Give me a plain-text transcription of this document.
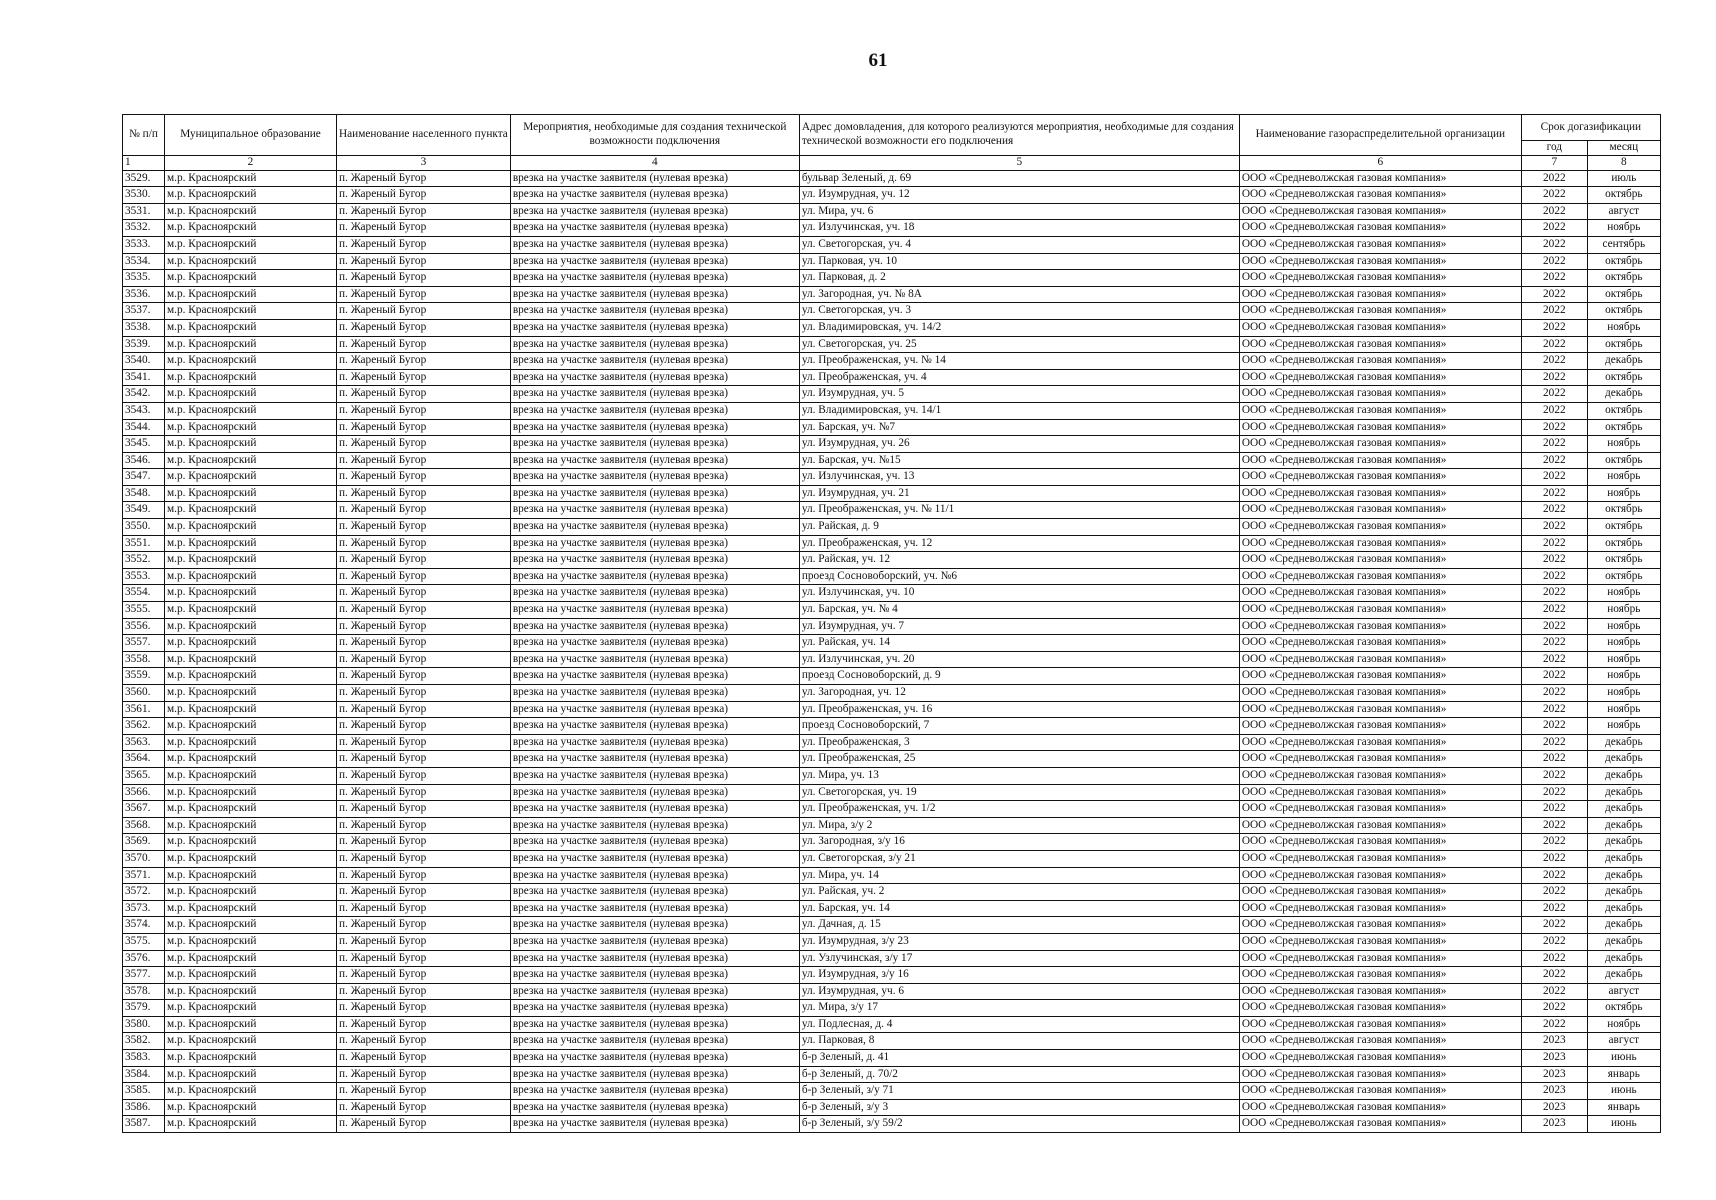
61
№ п/п	Муниципальное образование	Наименование населенного пункта	Мероприятия, необходимые для создания технической возможности подключения	Адрес домовладения, для которого реализуются мероприятия, необходимые для создания технической возможности его подключения	Наименование газораспределительной организации	Срок догазификации	
						год	месяц
1	2	3	4	5	6	7	8
3529.	м.р. Красноярский	п. Жареный Бугор	врезка на участке заявителя (нулевая врезка)	бульвар Зеленый, д. 69	ООО «Средневолжская газовая компания»	2022	июль
3530.	м.р. Красноярский	п. Жареный Бугор	врезка на участке заявителя (нулевая врезка)	ул. Изумрудная, уч. 12	ООО «Средневолжская газовая компания»	2022	октябрь
3531.	м.р. Красноярский	п. Жареный Бугор	врезка на участке заявителя (нулевая врезка)	ул. Мира, уч. 6	ООО «Средневолжская газовая компания»	2022	август
3532.	м.р. Красноярский	п. Жареный Бугор	врезка на участке заявителя (нулевая врезка)	ул. Излучинская, уч. 18	ООО «Средневолжская газовая компания»	2022	ноябрь
3533.	м.р. Красноярский	п. Жареный Бугор	врезка на участке заявителя (нулевая врезка)	ул. Светогорская, уч. 4	ООО «Средневолжская газовая компания»	2022	сентябрь
3534.	м.р. Красноярский	п. Жареный Бугор	врезка на участке заявителя (нулевая врезка)	ул. Парковая, уч. 10	ООО «Средневолжская газовая компания»	2022	октябрь
3535.	м.р. Красноярский	п. Жареный Бугор	врезка на участке заявителя (нулевая врезка)	ул. Парковая, д. 2	ООО «Средневолжская газовая компания»	2022	октябрь
3536.	м.р. Красноярский	п. Жареный Бугор	врезка на участке заявителя (нулевая врезка)	ул. Загородная, уч. № 8А	ООО «Средневолжская газовая компания»	2022	октябрь
3537.	м.р. Красноярский	п. Жареный Бугор	врезка на участке заявителя (нулевая врезка)	ул. Светогорская, уч. 3	ООО «Средневолжская газовая компания»	2022	октябрь
3538.	м.р. Красноярский	п. Жареный Бугор	врезка на участке заявителя (нулевая врезка)	ул. Владимировская, уч. 14/2	ООО «Средневолжская газовая компания»	2022	ноябрь
3539.	м.р. Красноярский	п. Жареный Бугор	врезка на участке заявителя (нулевая врезка)	ул. Светогорская, уч. 25	ООО «Средневолжская газовая компания»	2022	октябрь
3540.	м.р. Красноярский	п. Жареный Бугор	врезка на участке заявителя (нулевая врезка)	ул. Преображенская, уч. № 14	ООО «Средневолжская газовая компания»	2022	декабрь
3541.	м.р. Красноярский	п. Жареный Бугор	врезка на участке заявителя (нулевая врезка)	ул. Преображенская, уч. 4	ООО «Средневолжская газовая компания»	2022	октябрь
3542.	м.р. Красноярский	п. Жареный Бугор	врезка на участке заявителя (нулевая врезка)	ул. Изумрудная, уч. 5	ООО «Средневолжская газовая компания»	2022	декабрь
3543.	м.р. Красноярский	п. Жареный Бугор	врезка на участке заявителя (нулевая врезка)	ул. Владимировская, уч. 14/1	ООО «Средневолжская газовая компания»	2022	октябрь
3544.	м.р. Красноярский	п. Жареный Бугор	врезка на участке заявителя (нулевая врезка)	ул. Барская, уч. №7	ООО «Средневолжская газовая компания»	2022	октябрь
3545.	м.р. Красноярский	п. Жареный Бугор	врезка на участке заявителя (нулевая врезка)	ул. Изумрудная, уч. 26	ООО «Средневолжская газовая компания»	2022	ноябрь
3546.	м.р. Красноярский	п. Жареный Бугор	врезка на участке заявителя (нулевая врезка)	ул. Барская, уч. №15	ООО «Средневолжская газовая компания»	2022	октябрь
3547.	м.р. Красноярский	п. Жареный Бугор	врезка на участке заявителя (нулевая врезка)	ул. Излучинская, уч. 13	ООО «Средневолжская газовая компания»	2022	ноябрь
3548.	м.р. Красноярский	п. Жареный Бугор	врезка на участке заявителя (нулевая врезка)	ул. Изумрудная, уч. 21	ООО «Средневолжская газовая компания»	2022	ноябрь
3549.	м.р. Красноярский	п. Жареный Бугор	врезка на участке заявителя (нулевая врезка)	ул. Преображенская, уч. № 11/1	ООО «Средневолжская газовая компания»	2022	октябрь
3550.	м.р. Красноярский	п. Жареный Бугор	врезка на участке заявителя (нулевая врезка)	ул. Райская, д. 9	ООО «Средневолжская газовая компания»	2022	октябрь
3551.	м.р. Красноярский	п. Жареный Бугор	врезка на участке заявителя (нулевая врезка)	ул. Преображенская, уч. 12	ООО «Средневолжская газовая компания»	2022	октябрь
3552.	м.р. Красноярский	п. Жареный Бугор	врезка на участке заявителя (нулевая врезка)	ул. Райская, уч. 12	ООО «Средневолжская газовая компания»	2022	октябрь
3553.	м.р. Красноярский	п. Жареный Бугор	врезка на участке заявителя (нулевая врезка)	проезд Сосновоборский, уч. №6	ООО «Средневолжская газовая компания»	2022	октябрь
3554.	м.р. Красноярский	п. Жареный Бугор	врезка на участке заявителя (нулевая врезка)	ул. Излучинская, уч. 10	ООО «Средневолжская газовая компания»	2022	ноябрь
3555.	м.р. Красноярский	п. Жареный Бугор	врезка на участке заявителя (нулевая врезка)	ул. Барская, уч. № 4	ООО «Средневолжская газовая компания»	2022	ноябрь
3556.	м.р. Красноярский	п. Жареный Бугор	врезка на участке заявителя (нулевая врезка)	ул. Изумрудная, уч. 7	ООО «Средневолжская газовая компания»	2022	ноябрь
3557.	м.р. Красноярский	п. Жареный Бугор	врезка на участке заявителя (нулевая врезка)	ул. Райская, уч. 14	ООО «Средневолжская газовая компания»	2022	ноябрь
3558.	м.р. Красноярский	п. Жареный Бугор	врезка на участке заявителя (нулевая врезка)	ул. Излучинская, уч. 20	ООО «Средневолжская газовая компания»	2022	ноябрь
3559.	м.р. Красноярский	п. Жареный Бугор	врезка на участке заявителя (нулевая врезка)	проезд Сосновоборский, д. 9	ООО «Средневолжская газовая компания»	2022	ноябрь
3560.	м.р. Красноярский	п. Жареный Бугор	врезка на участке заявителя (нулевая врезка)	ул. Загородная, уч. 12	ООО «Средневолжская газовая компания»	2022	ноябрь
3561.	м.р. Красноярский	п. Жареный Бугор	врезка на участке заявителя (нулевая врезка)	ул. Преображенская, уч. 16	ООО «Средневолжская газовая компания»	2022	ноябрь
3562.	м.р. Красноярский	п. Жареный Бугор	врезка на участке заявителя (нулевая врезка)	проезд Сосновоборский, 7	ООО «Средневолжская газовая компания»	2022	ноябрь
3563.	м.р. Красноярский	п. Жареный Бугор	врезка на участке заявителя (нулевая врезка)	ул. Преображенская, 3	ООО «Средневолжская газовая компания»	2022	декабрь
3564.	м.р. Красноярский	п. Жареный Бугор	врезка на участке заявителя (нулевая врезка)	ул. Преображенская, 25	ООО «Средневолжская газовая компания»	2022	декабрь
3565.	м.р. Красноярский	п. Жареный Бугор	врезка на участке заявителя (нулевая врезка)	ул. Мира, уч. 13	ООО «Средневолжская газовая компания»	2022	декабрь
3566.	м.р. Красноярский	п. Жареный Бугор	врезка на участке заявителя (нулевая врезка)	ул. Светогорская, уч. 19	ООО «Средневолжская газовая компания»	2022	декабрь
3567.	м.р. Красноярский	п. Жареный Бугор	врезка на участке заявителя (нулевая врезка)	ул. Преображенская, уч. 1/2	ООО «Средневолжская газовая компания»	2022	декабрь
3568.	м.р. Красноярский	п. Жареный Бугор	врезка на участке заявителя (нулевая врезка)	ул. Мира, з/у 2	ООО «Средневолжская газовая компания»	2022	декабрь
3569.	м.р. Красноярский	п. Жареный Бугор	врезка на участке заявителя (нулевая врезка)	ул. Загородная, з/у 16	ООО «Средневолжская газовая компания»	2022	декабрь
3570.	м.р. Красноярский	п. Жареный Бугор	врезка на участке заявителя (нулевая врезка)	ул. Светогорская, з/у 21	ООО «Средневолжская газовая компания»	2022	декабрь
3571.	м.р. Красноярский	п. Жареный Бугор	врезка на участке заявителя (нулевая врезка)	ул. Мира, уч. 14	ООО «Средневолжская газовая компания»	2022	декабрь
3572.	м.р. Красноярский	п. Жареный Бугор	врезка на участке заявителя (нулевая врезка)	ул. Райская, уч. 2	ООО «Средневолжская газовая компания»	2022	декабрь
3573.	м.р. Красноярский	п. Жареный Бугор	врезка на участке заявителя (нулевая врезка)	ул. Барская, уч. 14	ООО «Средневолжская газовая компания»	2022	декабрь
3574.	м.р. Красноярский	п. Жареный Бугор	врезка на участке заявителя (нулевая врезка)	ул. Дачная, д. 15	ООО «Средневолжская газовая компания»	2022	декабрь
3575.	м.р. Красноярский	п. Жареный Бугор	врезка на участке заявителя (нулевая врезка)	ул. Изумрудная, з/у 23	ООО «Средневолжская газовая компания»	2022	декабрь
3576.	м.р. Красноярский	п. Жареный Бугор	врезка на участке заявителя (нулевая врезка)	ул. Узлучинская, з/у 17	ООО «Средневолжская газовая компания»	2022	декабрь
3577.	м.р. Красноярский	п. Жареный Бугор	врезка на участке заявителя (нулевая врезка)	ул. Изумрудная, з/у 16	ООО «Средневолжская газовая компания»	2022	декабрь
3578.	м.р. Красноярский	п. Жареный Бугор	врезка на участке заявителя (нулевая врезка)	ул. Изумрудная, уч. 6	ООО «Средневолжская газовая компания»	2022	август
3579.	м.р. Красноярский	п. Жареный Бугор	врезка на участке заявителя (нулевая врезка)	ул. Мира, з/у 17	ООО «Средневолжская газовая компания»	2022	октябрь
3580.	м.р. Красноярский	п. Жареный Бугор	врезка на участке заявителя (нулевая врезка)	ул. Подлесная, д. 4	ООО «Средневолжская газовая компания»	2022	ноябрь
3582.	м.р. Красноярский	п. Жареный Бугор	врезка на участке заявителя (нулевая врезка)	ул. Парковая, 8	ООО «Средневолжская газовая компания»	2023	август
3583.	м.р. Красноярский	п. Жареный Бугор	врезка на участке заявителя (нулевая врезка)	б-р Зеленый, д. 41	ООО «Средневолжская газовая компания»	2023	июнь
3584.	м.р. Красноярский	п. Жареный Бугор	врезка на участке заявителя (нулевая врезка)	б-р Зеленый, д. 70/2	ООО «Средневолжская газовая компания»	2023	январь
3585.	м.р. Красноярский	п. Жареный Бугор	врезка на участке заявителя (нулевая врезка)	б-р Зеленый, з/у 71	ООО «Средневолжская газовая компания»	2023	июнь
3586.	м.р. Красноярский	п. Жареный Бугор	врезка на участке заявителя (нулевая врезка)	б-р Зеленый, з/у 3	ООО «Средневолжская газовая компания»	2023	январь
3587.	м.р. Красноярский	п. Жареный Бугор	врезка на участке заявителя (нулевая врезка)	б-р Зеленый, з/у 59/2	ООО «Средневолжская газовая компания»	2023	июнь
